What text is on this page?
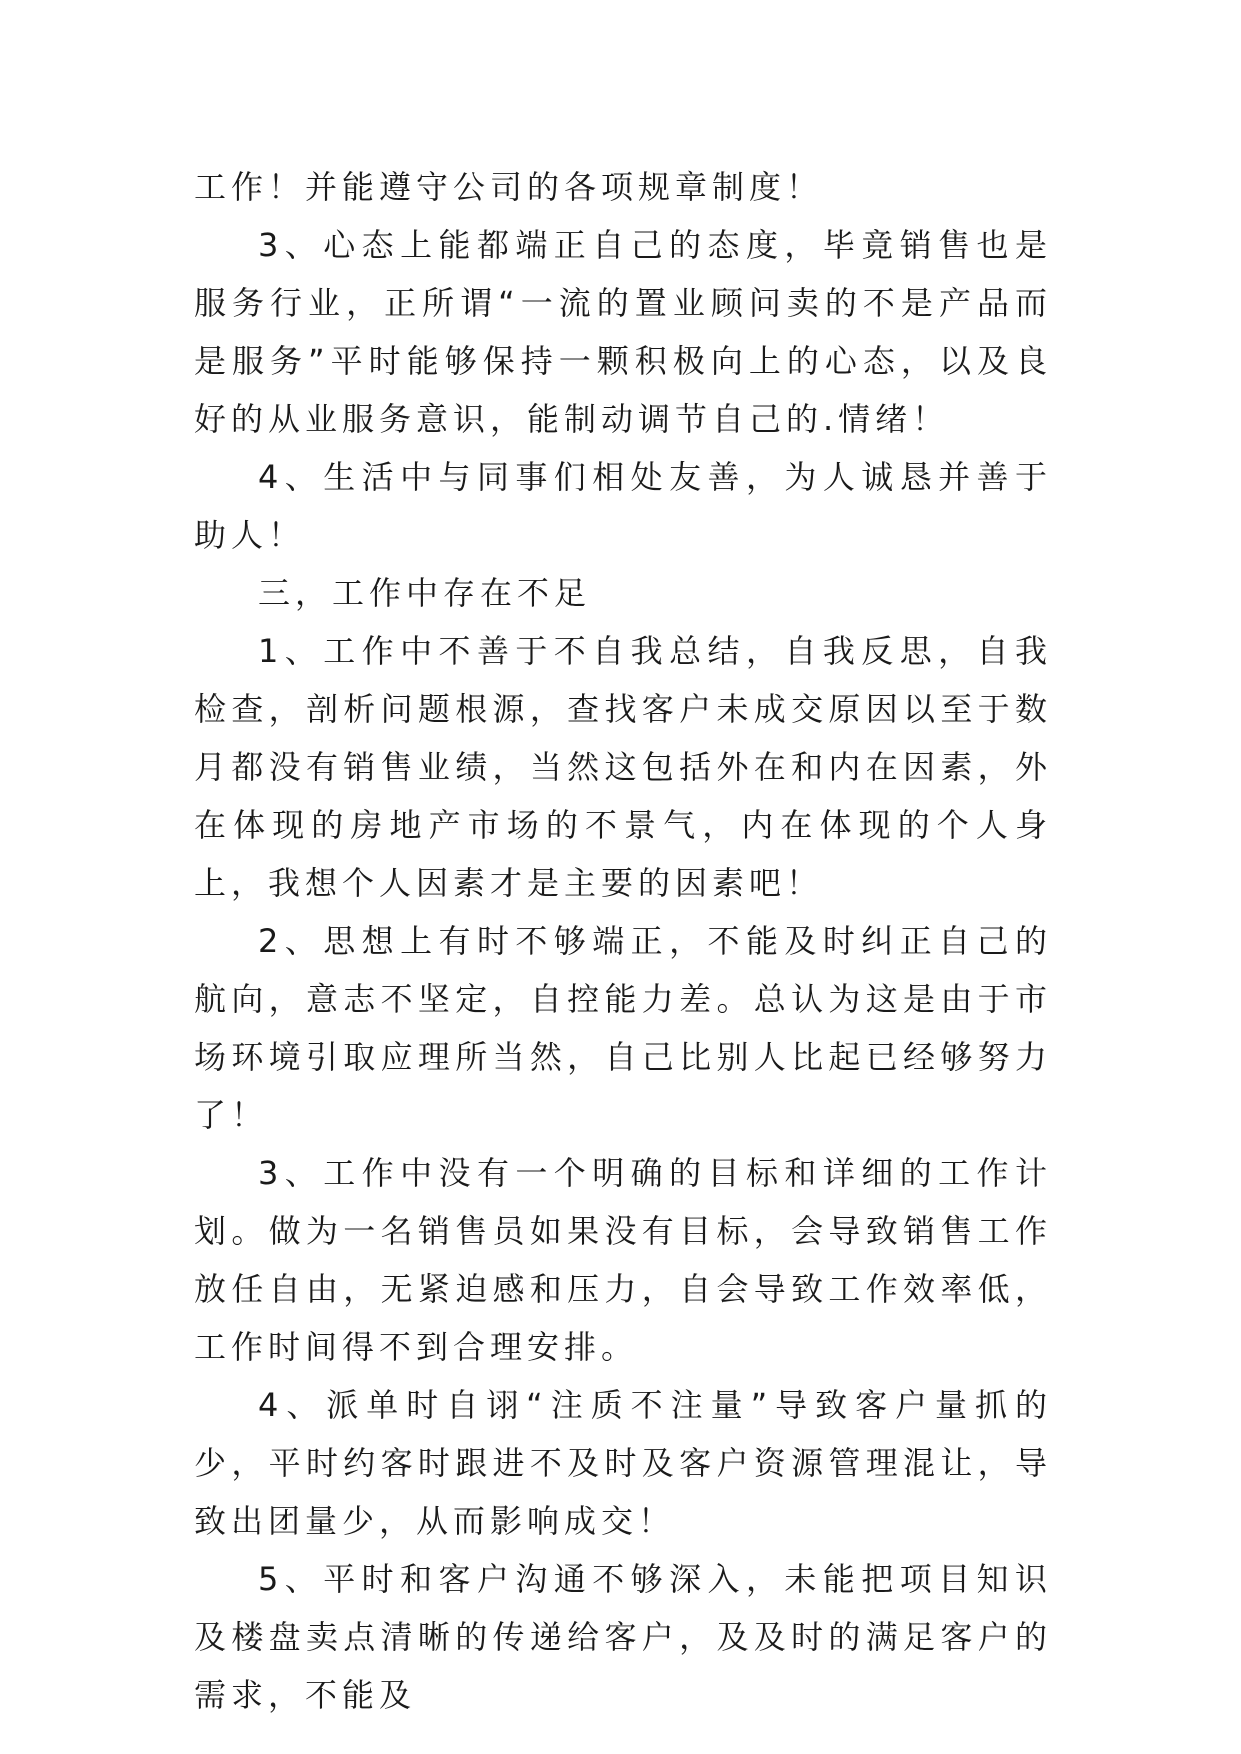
工作！并能遵守公司的各项规章制度！

3、心态上能都端正自己的态度，毕竟销售也是服务行业，正所谓“一流的置业顾问卖的不是产品而是服务”平时能够保持一颗积极向上的心态，以及良好的从业服务意识，能制动调节自己的.情绪！

4、生活中与同事们相处友善，为人诚恳并善于助人！

三，工作中存在不足

1、工作中不善于不自我总结，自我反思，自我检查，剖析问题根源，查找客户未成交原因以至于数月都没有销售业绩，当然这包括外在和内在因素，外在体现的房地产市场的不景气，内在体现的个人身上，我想个人因素才是主要的因素吧！

2、思想上有时不够端正，不能及时纠正自己的航向，意志不坚定，自控能力差。总认为这是由于市场环境引取应理所当然，自己比别人比起已经够努力了！

3、工作中没有一个明确的目标和详细的工作计划。做为一名销售员如果没有目标，会导致销售工作放任自由，无紧迫感和压力，自会导致工作效率低，工作时间得不到合理安排。

4、派单时自诩“注质不注量”导致客户量抓的少，平时约客时跟进不及时及客户资源管理混让，导致出团量少，从而影响成交！

5、平时和客户沟通不够深入，未能把项目知识及楼盘卖点清晰的传递给客户，及及时的满足客户的需求，不能及
